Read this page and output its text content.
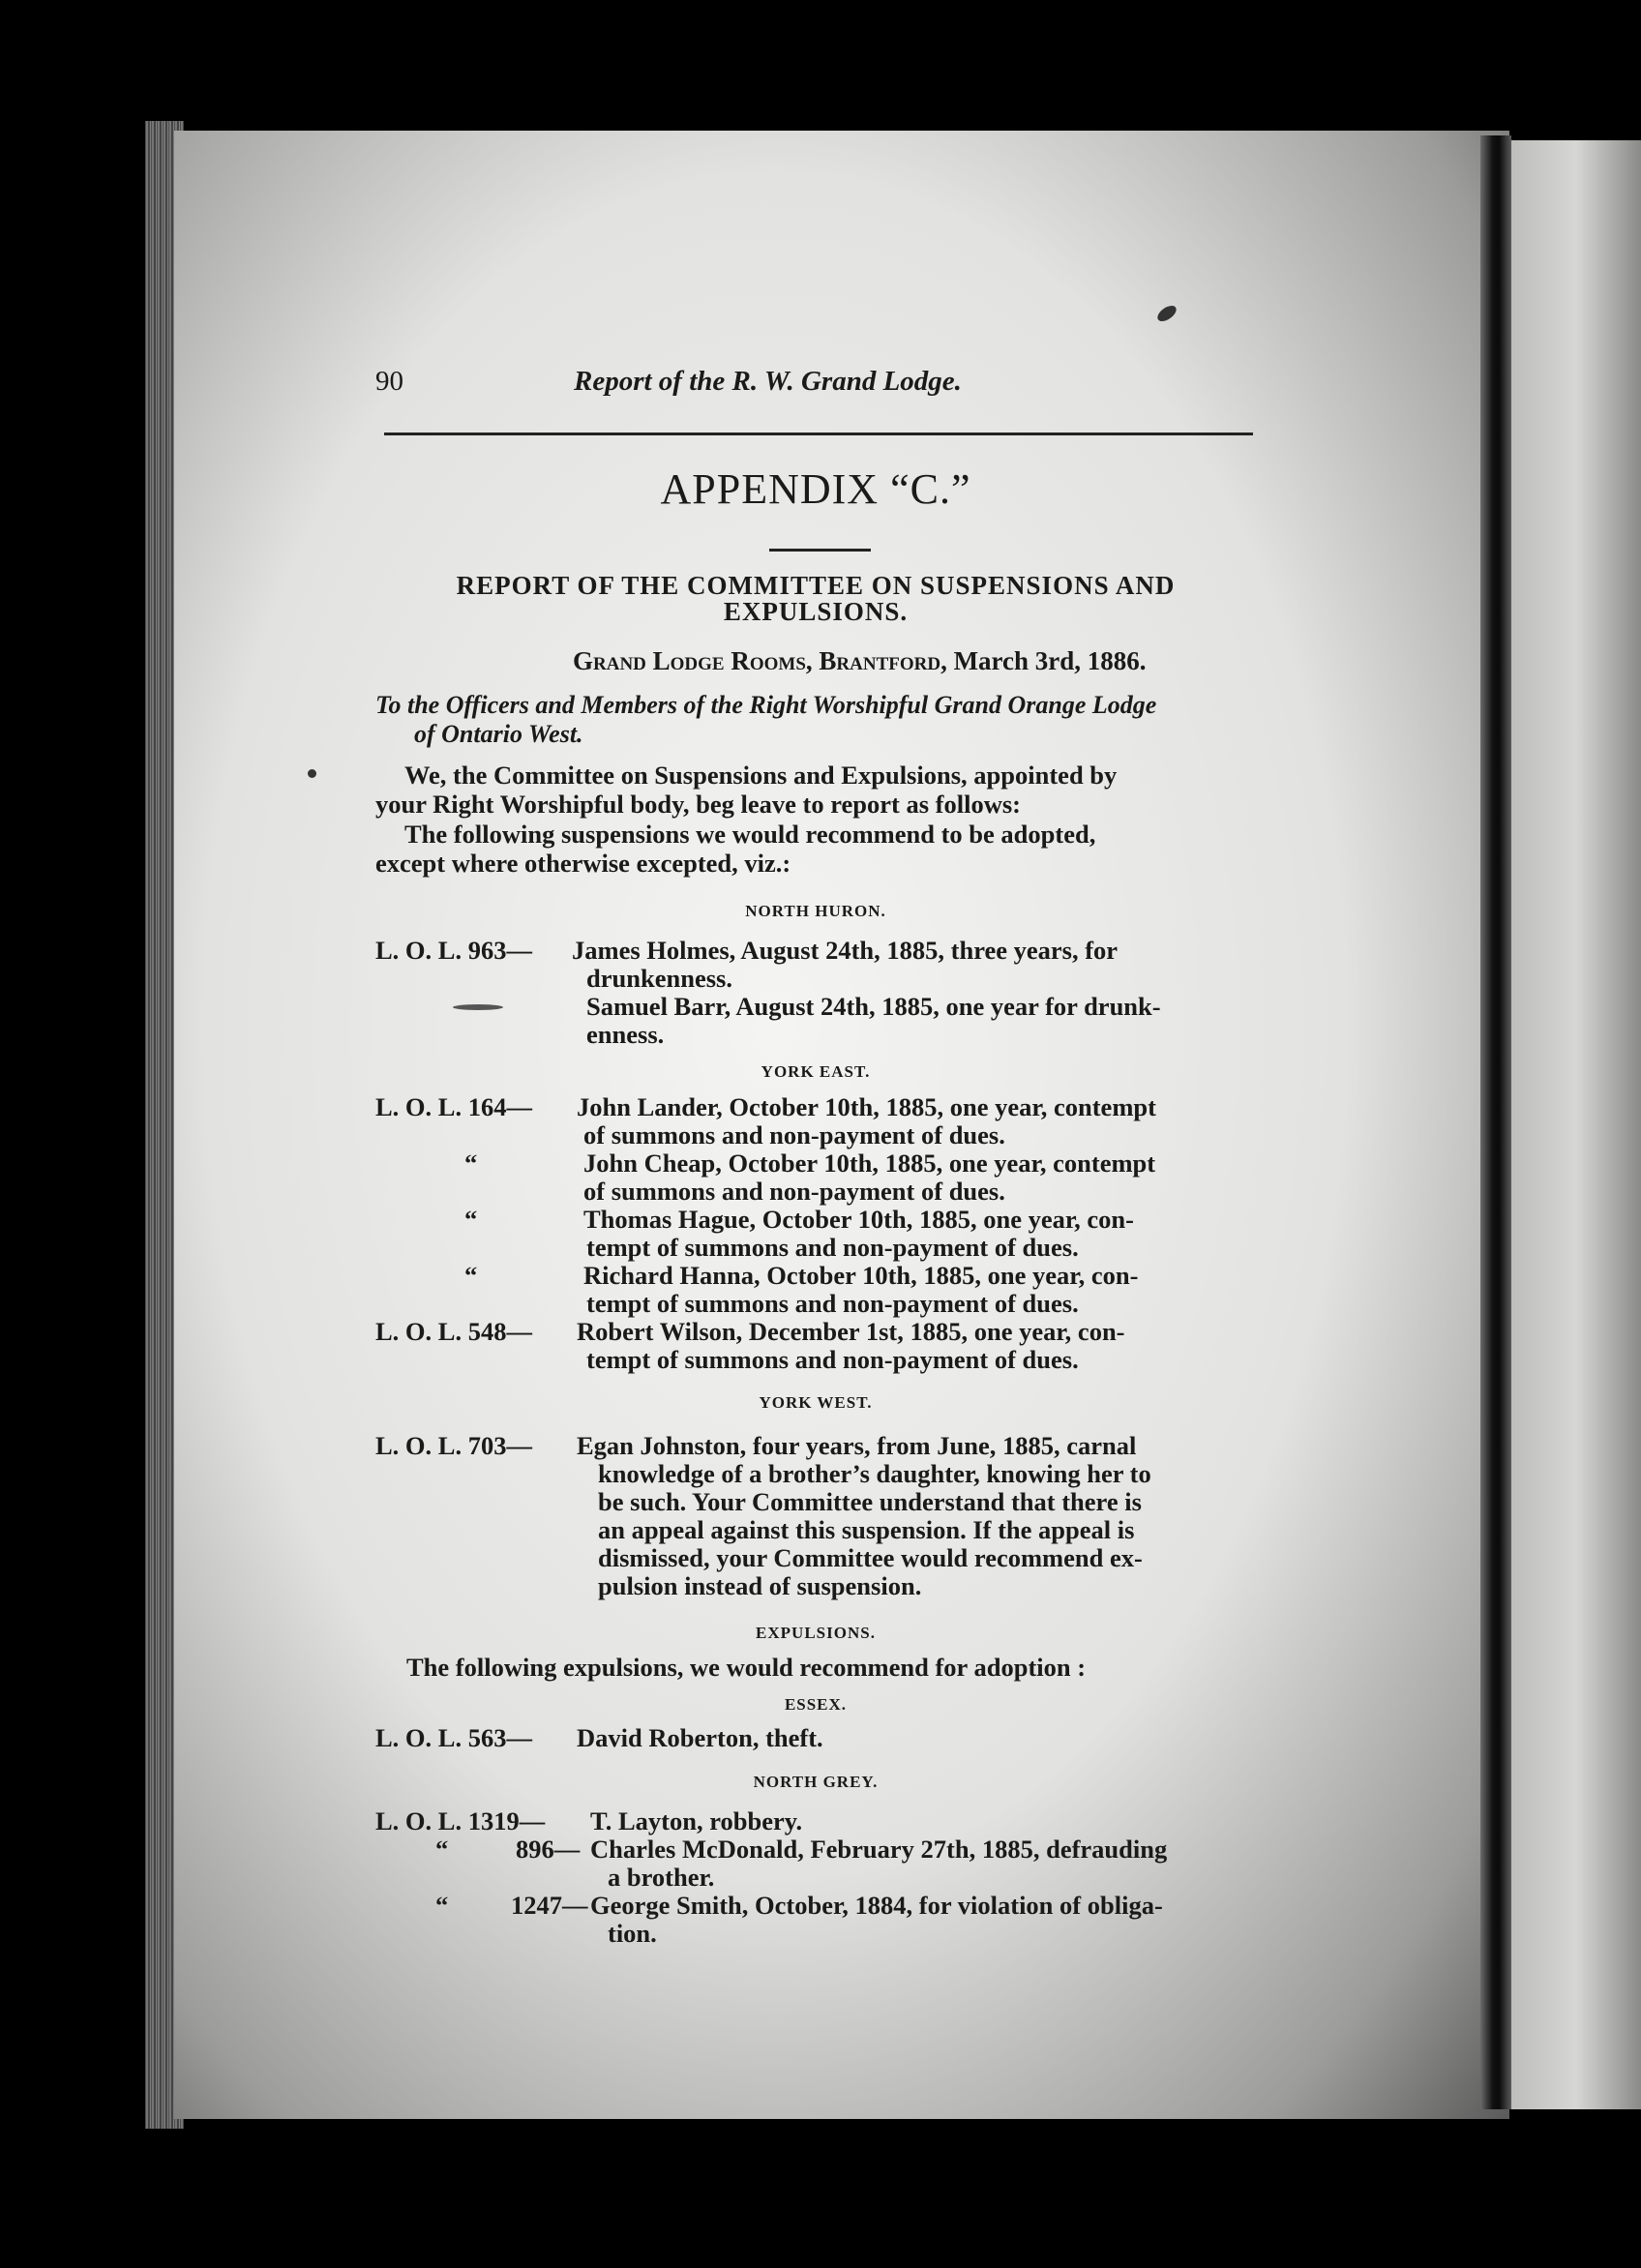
90	Report of the R. W. Grand Lodge.
APPENDIX “C.”
REPORT OF THE COMMITTEE ON SUSPENSIONS AND
EXPULSIONS.
Grand Lodge Rooms, Brantford, March 3rd, 1886.
To the Officers and Members of the Right Worshipful Grand Orange Lodge
of Ontario West.
We, the Committee on Suspensions and Expulsions, appointed by
your Right Worshipful body, beg leave to report as follows:
The following suspensions we would recommend to be adopted,
except where otherwise excepted, viz.:
NORTH HURON.
L. O. L. 963— James Holmes, August 24th, 1885, three years, for
drunkenness.
Samuel Barr, August 24th, 1885, one year for drunk-
enness.
YORK EAST.
L. O. L. 164— John Lander, October 10th, 1885, one year, contempt
of summons and non-payment of dues.
“	John Cheap, October 10th, 1885, one year, contempt
of summons and non-payment of dues.
“	Thomas Hague, October 10th, 1885, one year, con-
tempt of summons and non-payment of dues.
“	Richard Hanna, October 10th, 1885, one year, con-
tempt of summons and non-payment of dues.
L. O. L. 548— Robert Wilson, December 1st, 1885, one year, con-
tempt of summons and non-payment of dues.
YORK WEST.
L. O. L. 703— Egan Johnston, four years, from June, 1885, carnal
knowledge of a brother’s daughter, knowing her to
be such. Your Committee understand that there is
an appeal against this suspension. If the appeal is
dismissed, your Committee would recommend ex-
pulsion instead of suspension.
EXPULSIONS.
The following expulsions, we would recommend for adoption :
ESSEX.
L. O. L. 563— David Roberton, theft.
NORTH GREY.
L. O. L. 1319— T. Layton, robbery.
“	896— Charles McDonald, February 27th, 1885, defrauding
a brother.
“ 1247— George Smith, October, 1884, for violation of obliga-
tion.
